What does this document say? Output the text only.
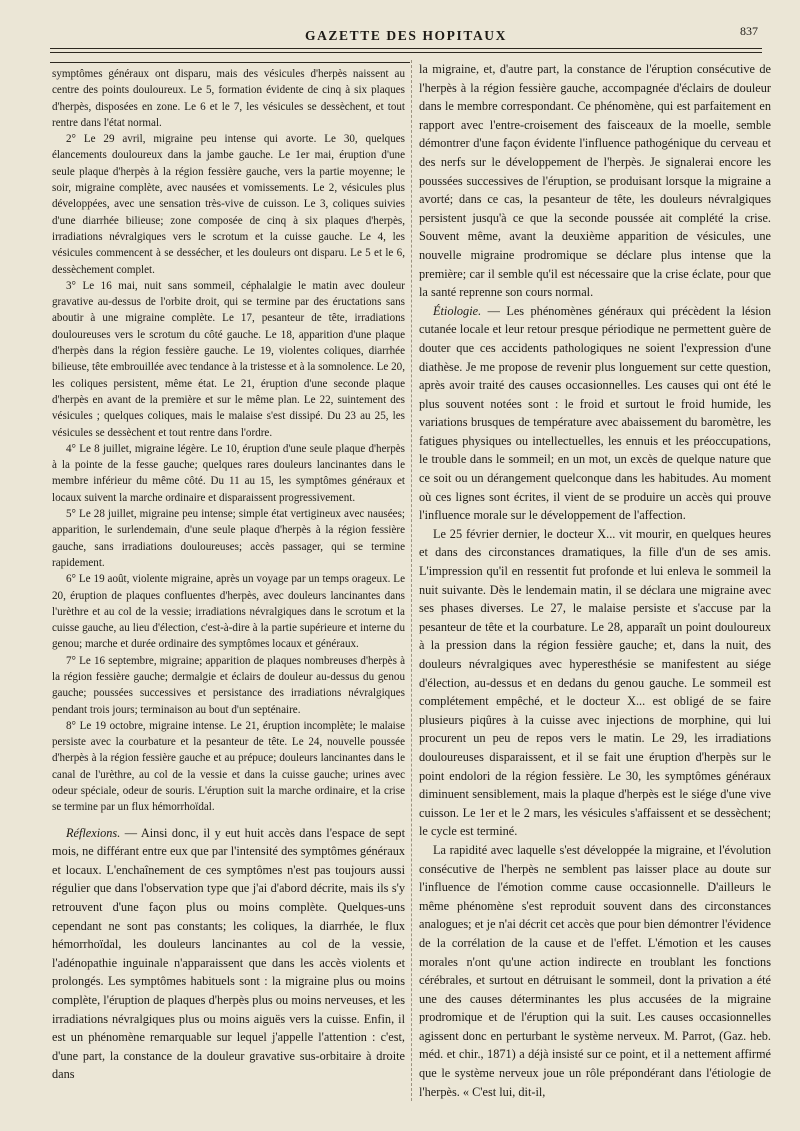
GAZETTE DES HOPITAUX	837

symptômes généraux ont disparu, mais des vésicules d'herpès naissent au centre des points douloureux. Le 5, formation évidente de cinq à six plaques d'herpès, disposées en zone. Le 6 et le 7, les vésicules se dessèchent, et tout rentre dans l'état normal.

2° Le 29 avril, migraine peu intense qui avorte. Le 30, quelques élancements douloureux dans la jambe gauche. Le 1er mai, éruption d'une seule plaque d'herpès à la région fessière gauche, vers la partie moyenne; le soir, migraine complète, avec nausées et vomissements. Le 2, vésicules plus développées, avec une sensation très-vive de cuisson. Le 3, coliques suivies d'une diarrhée bilieuse; zone composée de cinq à six plaques d'herpès, irradiations névralgiques vers le scrotum et la cuisse gauche. Le 4, les vésicules commencent à se dessécher, et les douleurs ont disparu. Le 5 et le 6, dessèchement complet.

3° Le 16 mai, nuit sans sommeil, céphalalgie le matin avec douleur gravative au-dessus de l'orbite droit, qui se termine par des éructations sans aboutir à une migraine complète. Le 17, pesanteur de tête, irradiations douloureuses vers le scrotum du côté gauche. Le 18, apparition d'une plaque d'herpès dans la région fessière gauche. Le 19, violentes coliques, diarrhée bilieuse, tête embrouillée avec tendance à la tristesse et à la somnolence. Le 20, les coliques persistent, même état. Le 21, éruption d'une seconde plaque d'herpès en avant de la première et sur le même plan. Le 22, suintement des vésicules ; quelques coliques, mais le malaise s'est dissipé. Du 23 au 25, les vésicules se dessèchent et tout rentre dans l'ordre.

4° Le 8 juillet, migraine légère. Le 10, éruption d'une seule plaque d'herpès à la pointe de la fesse gauche; quelques rares douleurs lancinantes dans le membre inférieur du même côté. Du 11 au 15, les symptômes généraux et locaux suivent la marche ordinaire et disparaissent progressivement.

5° Le 28 juillet, migraine peu intense; simple état vertigineux avec nausées; apparition, le surlendemain, d'une seule plaque d'herpès à la région fessière gauche, sans irradiations douloureuses; accès passager, qui se termine rapidement.

6° Le 19 août, violente migraine, après un voyage par un temps orageux. Le 20, éruption de plaques confluentes d'herpès, avec douleurs lancinantes dans l'urèthre et au col de la vessie; irradiations névralgiques dans le scrotum et la cuisse gauche, au lieu d'élection, c'est-à-dire à la partie supérieure et interne du genou; marche et durée ordinaire des symptômes locaux et généraux.

7° Le 16 septembre, migraine; apparition de plaques nombreuses d'herpès à la région fessière gauche; dermalgie et éclairs de douleur au-dessus du genou gauche; poussées successives et persistance des irradiations névralgiques pendant trois jours; terminaison au bout d'un septénaire.

8° Le 19 octobre, migraine intense. Le 21, éruption incomplète; le malaise persiste avec la courbature et la pesanteur de tête. Le 24, nouvelle poussée d'herpès à la région fessière gauche et au prépuce; douleurs lancinantes dans le canal de l'urèthre, au col de la vessie et dans la cuisse gauche; urines avec odeur spéciale, odeur de souris. L'éruption suit la marche ordinaire, et la crise se termine par un flux hémorrhoïdal.

Réflexions. — Ainsi donc, il y eut huit accès dans l'espace de sept mois, ne différant entre eux que par l'intensité des symptômes généraux et locaux. L'enchaînement de ces symptômes n'est pas toujours aussi régulier que dans l'observation type que j'ai d'abord décrite, mais ils s'y retrouvent d'une façon plus ou moins complète. Quelques-uns cependant ne sont pas constants; les coliques, la diarrhée, le flux hémorrhoïdal, les douleurs lancinantes au col de la vessie, l'adénopathie inguinale n'apparaissent que dans les accès violents et prolongés. Les symptômes habituels sont : la migraine plus ou moins complète, l'éruption de plaques d'herpès plus ou moins nerveuses, et les irradiations névralgiques plus ou moins aiguës vers la cuisse. Enfin, il est un phénomène remarquable sur lequel j'appelle l'attention : c'est, d'une part, la constance de la douleur gravative sus-orbitaire à droite dans

la migraine, et, d'autre part, la constance de l'éruption consécutive de l'herpès à la région fessière gauche, accompagnée d'éclairs de douleur dans le membre correspondant. Ce phénomène, qui est parfaitement en rapport avec l'entre-croisement des faisceaux de la moelle, semble démontrer d'une façon évidente l'influence pathogénique du cerveau et des nerfs sur le développement de l'herpès. Je signalerai encore les poussées successives de l'éruption, se produisant lorsque la migraine a avorté; dans ce cas, la pesanteur de tête, les douleurs névralgiques persistent jusqu'à ce que la seconde poussée ait complété la crise. Souvent même, avant la deuxième apparition de vésicules, une nouvelle migraine prodromique se déclare plus intense que la première; car il semble qu'il est nécessaire que la crise éclate, pour que la santé reprenne son cours normal.

Étiologie. — Les phénomènes généraux qui précèdent la lésion cutanée locale et leur retour presque périodique ne permettent guère de douter que ces accidents pathologiques ne soient l'expression d'une diathèse. Je me propose de revenir plus longuement sur cette question, après avoir traité des causes occasionnelles. Les causes qui ont été le plus souvent notées sont : le froid et surtout le froid humide, les variations brusques de température avec abaissement du baromètre, les fatigues physiques ou intellectuelles, les ennuis et les préoccupations, le trouble dans le sommeil; en un mot, un excès de quelque nature que ce soit ou un dérangement quelconque dans les habitudes. Au moment où ces lignes sont écrites, il vient de se produire un accès qui prouve l'influence morale sur le développement de l'affection.

Le 25 février dernier, le docteur X... vit mourir, en quelques heures et dans des circonstances dramatiques, la fille d'un de ses amis. L'impression qu'il en ressentit fut profonde et lui enleva le sommeil la nuit suivante. Dès le lendemain matin, il se déclara une migraine avec ses phases diverses. Le 27, le malaise persiste et s'accuse par la pesanteur de tête et la courbature. Le 28, apparaît un point douloureux à la pression dans la région fessière gauche; et, dans la nuit, des douleurs névralgiques avec hyperesthésie se manifestent au siége d'élection, au-dessus et en dedans du genou gauche. Le sommeil est complétement empêché, et le docteur X... est obligé de se faire plusieurs piqûres à la cuisse avec injections de morphine, qui lui procurent un peu de repos vers le matin. Le 29, les irradiations douloureuses disparaissent, et il se fait une éruption d'herpès sur le point endolori de la région fessière. Le 30, les symptômes généraux diminuent sensiblement, mais la plaque d'herpès est le siége d'une vive cuisson. Le 1er et le 2 mars, les vésicules s'affaissent et se dessèchent; le cycle est terminé.

La rapidité avec laquelle s'est développée la migraine, et l'évolution consécutive de l'herpès ne semblent pas laisser place au doute sur l'influence de l'émotion comme cause occasionnelle. D'ailleurs le même phénomène s'est reproduit souvent dans des circonstances analogues; et je n'ai décrit cet accès que pour bien démontrer l'évidence de la corrélation de la cause et de l'effet. L'émotion et les causes morales n'ont qu'une action indirecte en troublant les fonctions cérébrales, et surtout en détruisant le sommeil, dont la privation a été une des causes déterminantes les plus accusées de la migraine prodromique et de l'éruption qui la suit. Les causes occasionnelles agissent donc en perturbant le système nerveux. M. Parrot, (Gaz. heb. méd. et chir., 1871) a déjà insisté sur ce point, et il a nettement affirmé que le système nerveux joue un rôle prépondérant dans l'étiologie de l'herpès. « C'est lui, dit-il,
